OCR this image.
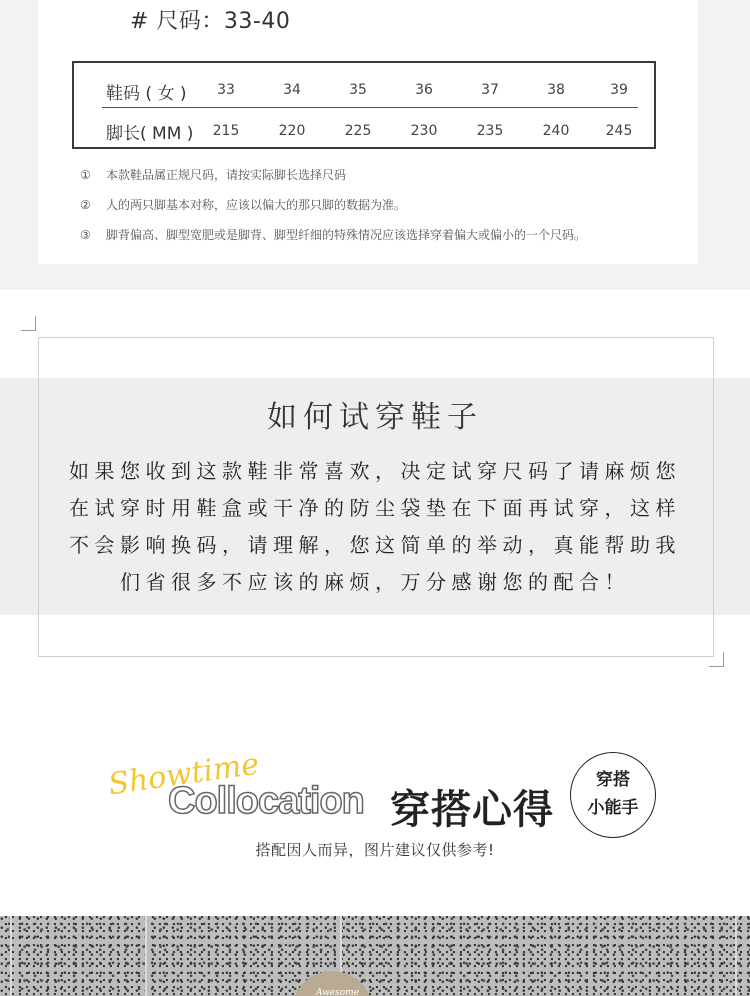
# 尺码：33-40
鞋码 ( 女 )	33	34	35	36	37	38	39
脚长( MM )	215	220	225	230	235	240	245
① 本款鞋品属正规尺码，请按实际脚长选择尺码
② 人的两只脚基本对称，应该以偏大的那只脚的数据为准。
③ 脚背偏高、脚型宽肥或是脚背、脚型纤细的特殊情况应该选择穿着偏大或偏小的一个尺码。
如何试穿鞋子
如果您收到这款鞋非常喜欢，决定试穿尺码了请麻烦您
在试穿时用鞋盒或干净的防尘袋垫在下面再试穿，这样
不会影响换码，请理解，您这简单的举动，真能帮助我
们省很多不应该的麻烦，万分感谢您的配合！
Showtime
Collocation 穿搭心得
穿搭
小能手
搭配因人而异，图片建议仅供参考!
Awesome
